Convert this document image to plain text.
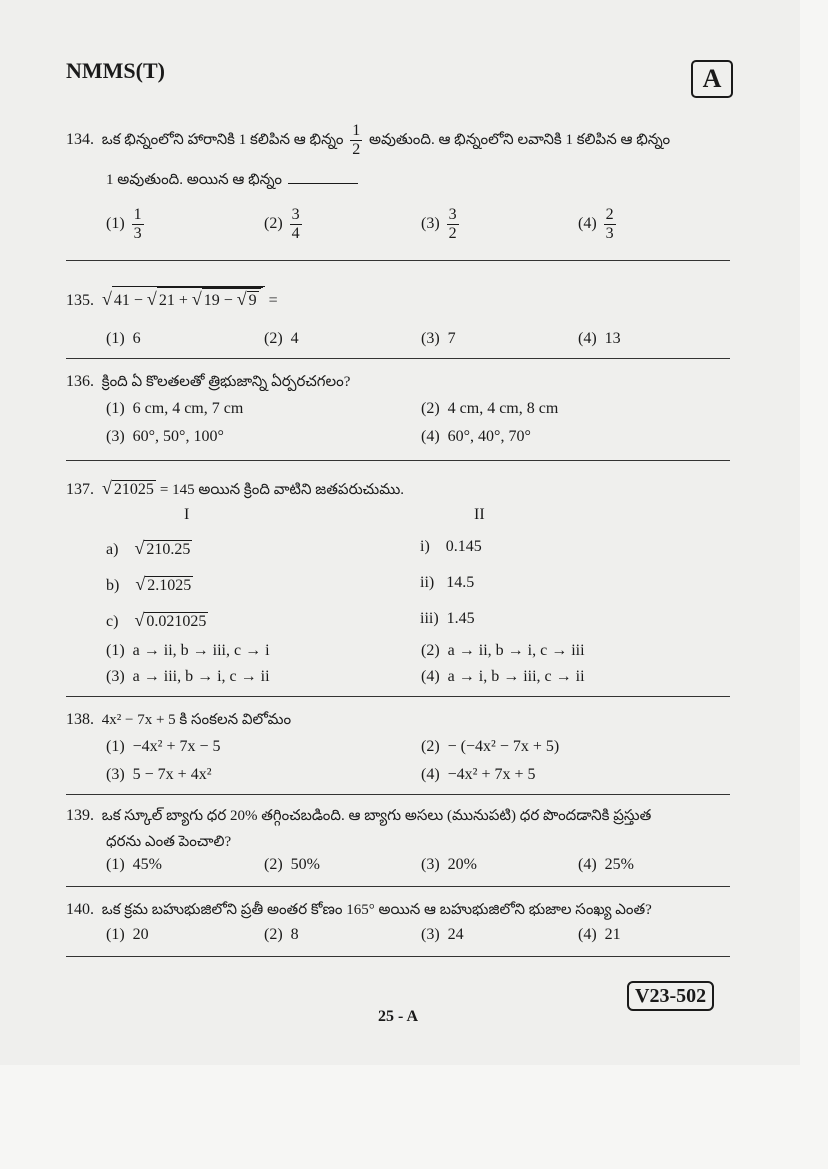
NMMS(T)	A
134. ఒక భిన్నంలోని హారానికి 1 కలిపిన ఆ భిన్నం $\frac{1}{2}$ అవుతుంది. ఆ భిన్నంలోని లవానికి 1 కలిపిన ఆ భిన్నం
1 అవుతుంది. అయిన ఆ భిన్నం
$(1) \frac{1}{3}$	$(2) \frac{3}{4}$	$(3) \frac{3}{2}$	$(4) \frac{2}{3}$
135. √ 41 − √ 21 + √ 19 − √ 9 =
(1) 6	(2) 4	(3) 7	(4) 13
136. క్రింది ఏ కొలతలతో త్రిభుజాన్ని ఏర్పరచగలం?
(1) 6 cm, 4 cm, 7 cm	(2) 4 cm, 4 cm, 8 cm
(3) 60°, 50°, 100°	(4) 60°, 40°, 70°
137. √ 21025 = 145 అయిన క్రింది వాటిని జతపరుచుము.
I	II
a) √ 210.25	i) 0.145
b) √ 2.1025	ii) 14.5
c) √ 0.021025	iii) 1.45
(1) a → ii, b → iii, c → i	(2) a → ii, b → i, c → iii
(3) a → iii, b → i, c → ii	(4) a → i, b → iii, c → ii
138. 4x² − 7x + 5 కి సంకలన విలోమం
(1) −4x² + 7x − 5	(2) − (−4x² − 7x + 5)
(3) 5 − 7x + 4x²	(4) −4x² + 7x + 5
139. ఒక స్కూల్ బ్యాగు ధర 20% తగ్గించబడింది. ఆ బ్యాగు అసలు (మునుపటి) ధర పొందడానికి ప్రస్తుత
ధరను ఎంత పెంచాలి?
(1) 45%	(2) 50%	(3) 20%	(4) 25%
140. ఒక క్రమ బహుభుజిలోని ప్రతీ అంతర కోణం 165° అయిన ఆ బహుభుజిలోని భుజాల సంఖ్య ఎంత?
(1) 20	(2) 8	(3) 24	(4) 21
25 - A
V23-502
